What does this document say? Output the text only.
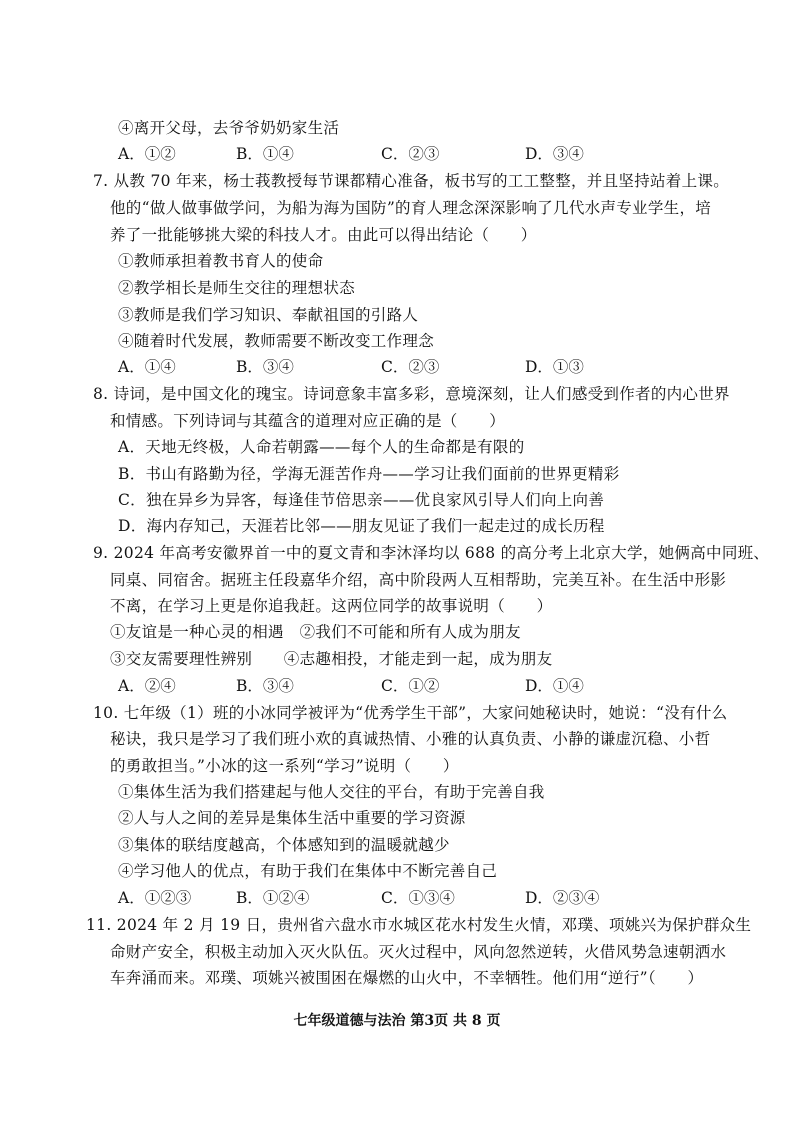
④离开父母，去爷爷奶奶家生活
A．①②	B．①④	C．②③	D．③④
7. 从教 70 年来，杨士莪教授每节课都精心准备，板书写的工工整整，并且坚持站着上课。
他的“做人做事做学问，为船为海为国防”的育人理念深深影响了几代水声专业学生，培
养了一批能够挑大梁的科技人才。由此可以得出结论（　　）
①教师承担着教书育人的使命
②教学相长是师生交往的理想状态
③教师是我们学习知识、奉献祖国的引路人
④随着时代发展，教师需要不断改变工作理念
A．①④	B．③④	C．②③	D．①③
8. 诗词，是中国文化的瑰宝。诗词意象丰富多彩，意境深刻，让人们感受到作者的内心世界
和情感。下列诗词与其蕴含的道理对应正确的是（　　）
A．天地无终极，人命若朝露——每个人的生命都是有限的
B．书山有路勤为径，学海无涯苦作舟——学习让我们面前的世界更精彩
C．独在异乡为异客，每逢佳节倍思亲——优良家风引导人们向上向善
D．海内存知己，天涯若比邻——朋友见证了我们一起走过的成长历程
9. 2024 年高考安徽界首一中的夏文青和李沐泽均以 688 的高分考上北京大学，她俩高中同班、
同桌、同宿舍。据班主任段嘉华介绍，高中阶段两人互相帮助，完美互补。在生活中形影
不离，在学习上更是你追我赶。这两位同学的故事说明（　　）
①友谊是一种心灵的相遇　②我们不可能和所有人成为朋友
③交友需要理性辨别　　④志趣相投，才能走到一起，成为朋友
A．②④	B．③④	C．①②	D．①④
10. 七年级（1）班的小冰同学被评为“优秀学生干部”，大家问她秘诀时，她说：“没有什么
秘诀，我只是学习了我们班小欢的真诚热情、小雅的认真负责、小静的谦虚沉稳、小哲
的勇敢担当。”小冰的这一系列“学习”说明（　　）
①集体生活为我们搭建起与他人交往的平台，有助于完善自我
②人与人之间的差异是集体生活中重要的学习资源
③集体的联结度越高，个体感知到的温暖就越少
④学习他人的优点，有助于我们在集体中不断完善自己
A．①②③	B．①②④	C．①③④	D．②③④
11. 2024 年 2 月 19 日，贵州省六盘水市水城区花水村发生火情，邓璞、项姚兴为保护群众生
命财产安全，积极主动加入灭火队伍。灭火过程中，风向忽然逆转，火借风势急速朝洒水
车奔涌而来。邓璞、项姚兴被围困在爆燃的山火中，不幸牺牲。他们用“逆行”（　　）
七年级道德与法治 第3页 共 8 页
